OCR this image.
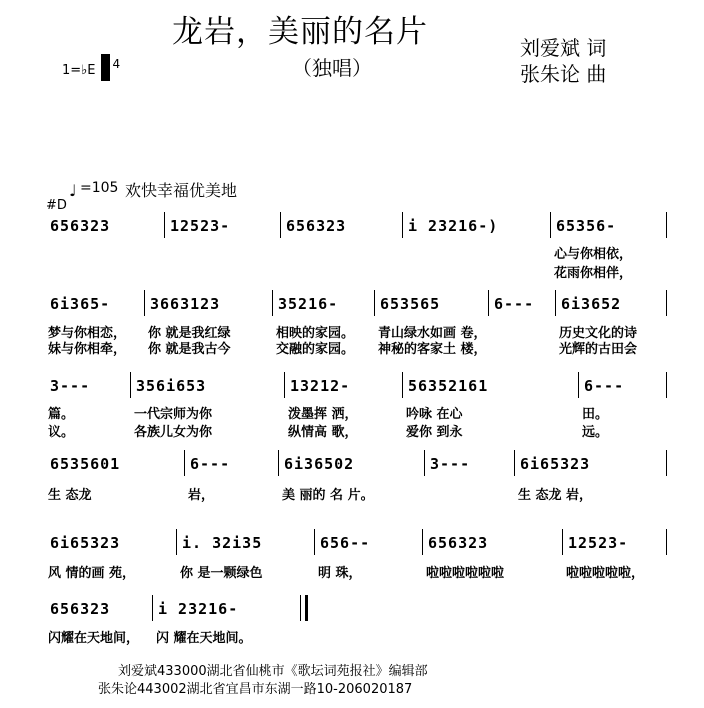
龙岩，美丽的名片
（独唱）
刘爱斌 词
张朱论 曲
1=♭E	4
♩ =105 欢快幸福优美地
#D
656323	12523-	656323	i 23216-)	65356-
心与你相依，
花雨你相伴，
6i365-	3663123	35216-	653565	6--- 6i3652
梦与你相恋， 你 就是我红绿	相映的家园。 青山绿水如画 卷，	历史文化的诗
妹与你相牵， 你 就是我古今	交融的家园。 神秘的客家土 楼，	光辉的古田会
3---	356i653	13212-	56352161	6---
篇。	一代宗师为你	泼墨挥 洒，	吟咏 在心	田。
议。	各族儿女为你	纵情高 歌，	爱你 到永	远。
6535601	6---	6i36502	3---	6i65323
生 态龙	岩，	美 丽的 名 片。	生 态龙 岩，
6i65323	i. 32i35	656--	656323	12523-
风 情的画 苑，	你 是一颗绿色	明 珠，	啦啦啦啦啦啦	啦啦啦啦啦，
656323	i 23216-
闪耀在天地间， 闪 耀在天地间。
刘爱斌433000湖北省仙桃市《歌坛词苑报社》编辑部
张朱论443002湖北省宜昌市东湖一路10-206020187
